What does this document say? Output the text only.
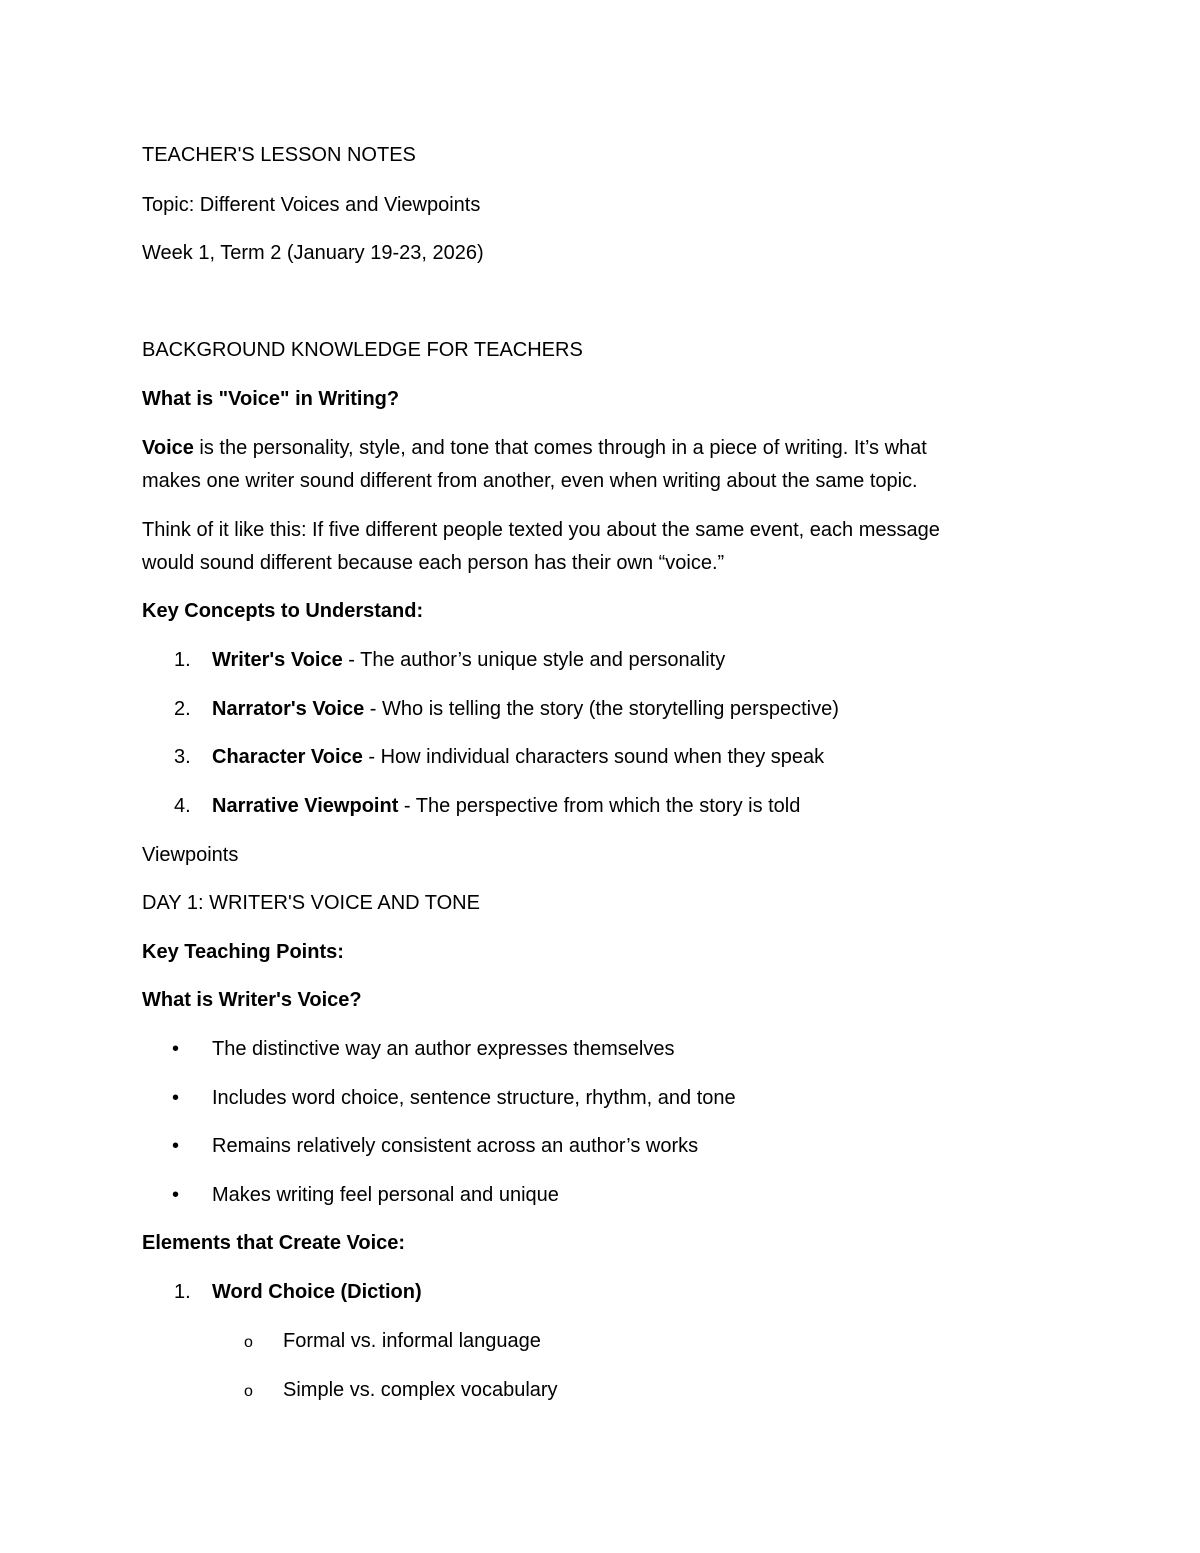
TEACHER'S LESSON NOTES
Topic: Different Voices and Viewpoints
Week 1, Term 2 (January 19-23, 2026)
BACKGROUND KNOWLEDGE FOR TEACHERS
What is "Voice" in Writing?
Voice is the personality, style, and tone that comes through in a piece of writing. It’s what
makes one writer sound different from another, even when writing about the same topic.
Think of it like this: If five different people texted you about the same event, each message
would sound different because each person has their own “voice.”
Key Concepts to Understand:
1. Writer's Voice - The author’s unique style and personality
2. Narrator's Voice - Who is telling the story (the storytelling perspective)
3. Character Voice - How individual characters sound when they speak
4. Narrative Viewpoint - The perspective from which the story is told
Viewpoints
DAY 1: WRITER'S VOICE AND TONE
Key Teaching Points:
What is Writer's Voice?
• The distinctive way an author expresses themselves
• Includes word choice, sentence structure, rhythm, and tone
• Remains relatively consistent across an author’s works
• Makes writing feel personal and unique
Elements that Create Voice:
1. Word Choice (Diction)
o Formal vs. informal language
o Simple vs. complex vocabulary
